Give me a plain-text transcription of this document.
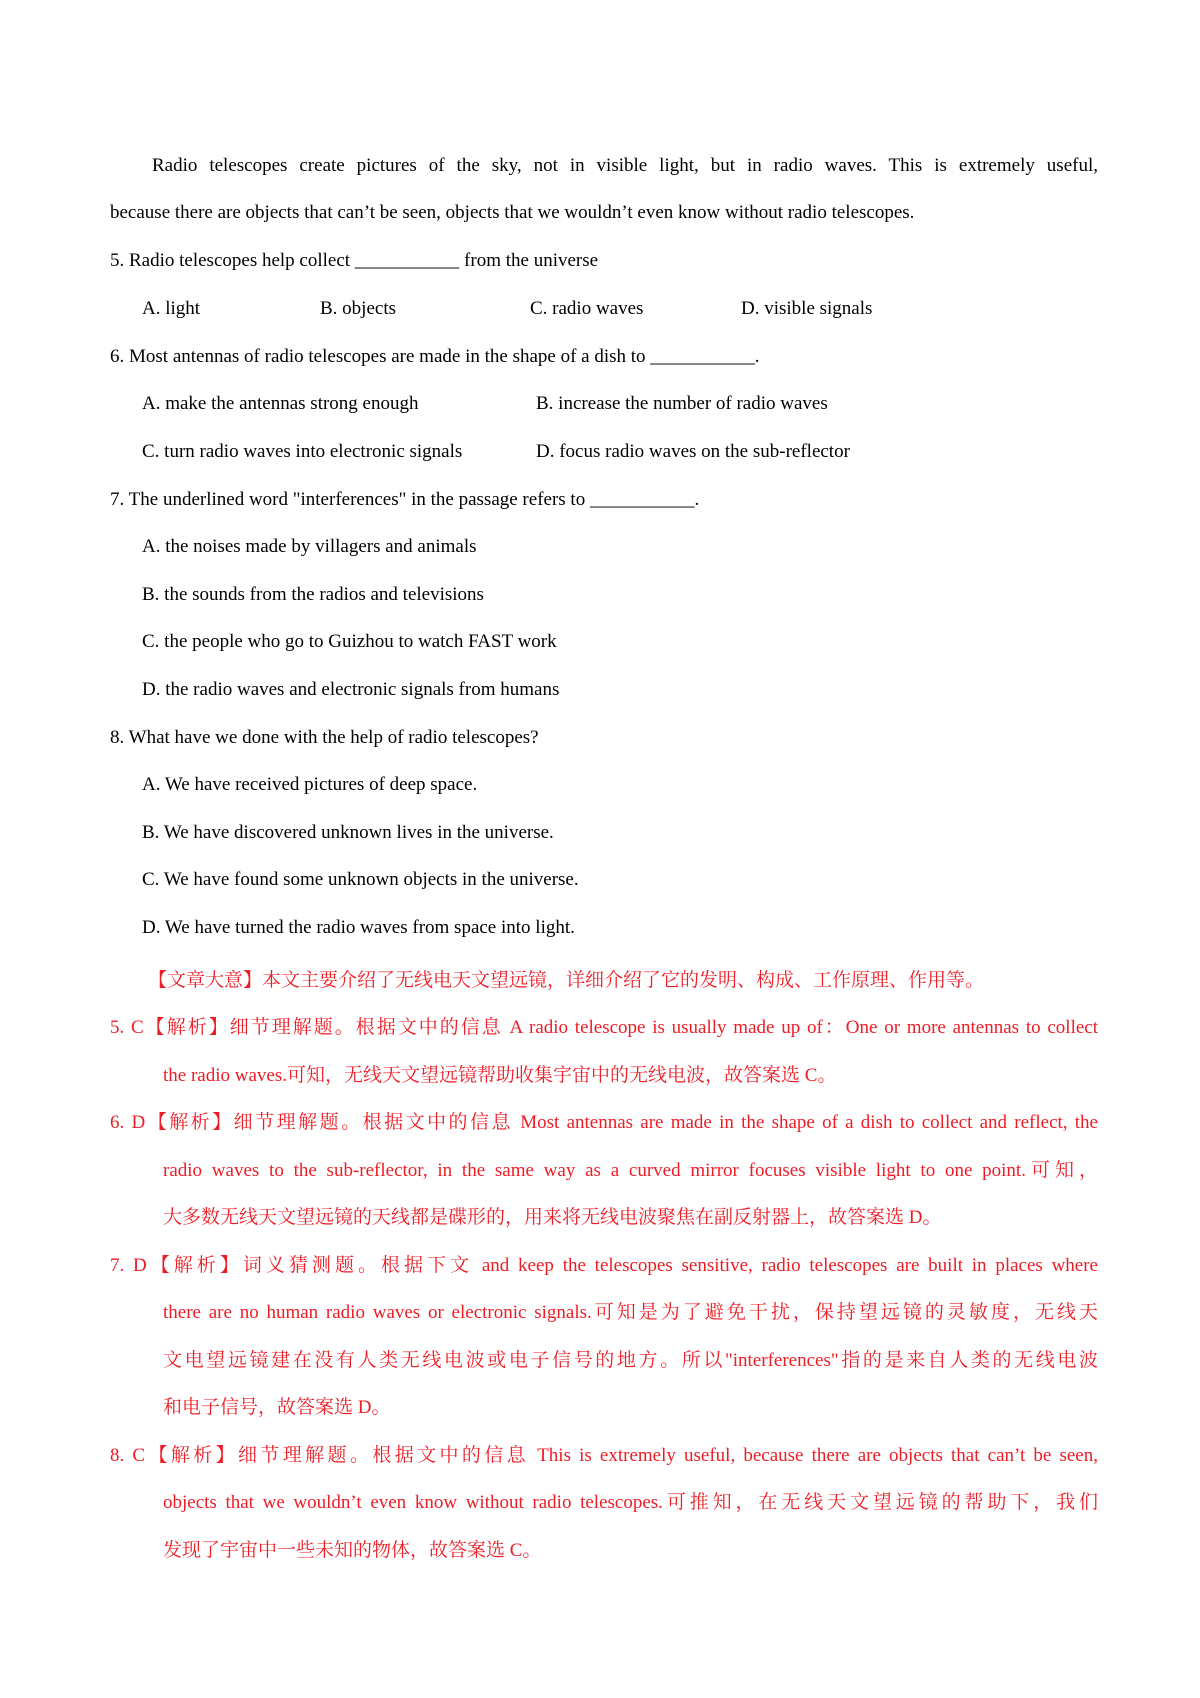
Radio telescopes create pictures of the sky, not in visible light, but in radio waves. This is extremely useful,
because there are objects that can’t be seen, objects that we wouldn’t even know without radio telescopes.
5. Radio telescopes help collect ___________ from the universe
A. light	B. objects	C. radio waves	D. visible signals
6. Most antennas of radio telescopes are made in the shape of a dish to ___________.
A. make the antennas strong enough	B. increase the number of radio waves
C. turn radio waves into electronic signals	D. focus radio waves on the sub-reflector
7. The underlined word "interferences" in the passage refers to ___________.
A. the noises made by villagers and animals
B. the sounds from the radios and televisions
C. the people who go to Guizhou to watch FAST work
D. the radio waves and electronic signals from humans
8. What have we done with the help of radio telescopes?
A. We have received pictures of deep space.
B. We have discovered unknown lives in the universe.
C. We have found some unknown objects in the universe.
D. We have turned the radio waves from space into light.
【文章大意】本文主要介绍了无线电天文望远镜，详细介绍了它的发明、构成、工作原理、作用等。
5. C【解析】细节理解题。根据文中的信息 A radio telescope is usually made up of：One or more antennas to collect
the radio waves.可知，无线天文望远镜帮助收集宇宙中的无线电波，故答案选 C。
6. D【解析】细节理解题。根据文中的信息 Most antennas are made in the shape of a dish to collect and reflect, the
radio waves to the sub-reflector, in the same way as a curved mirror focuses visible light to one point.可知，
大多数无线天文望远镜的天线都是碟形的，用来将无线电波聚焦在副反射器上，故答案选 D。
7. D【解析】词义猜测题。根据下文 and keep the telescopes sensitive, radio telescopes are built in places where
there are no human radio waves or electronic signals.可知是为了避免干扰，保持望远镜的灵敏度，无线天
文电望远镜建在没有人类无线电波或电子信号的地方。所以"interferences"指的是来自人类的无线电波
和电子信号，故答案选 D。
8. C【解析】细节理解题。根据文中的信息 This is extremely useful, because there are objects that can’t be seen,
objects that we wouldn’t even know without radio telescopes.可推知，在无线天文望远镜的帮助下，我们
发现了宇宙中一些未知的物体，故答案选 C。
